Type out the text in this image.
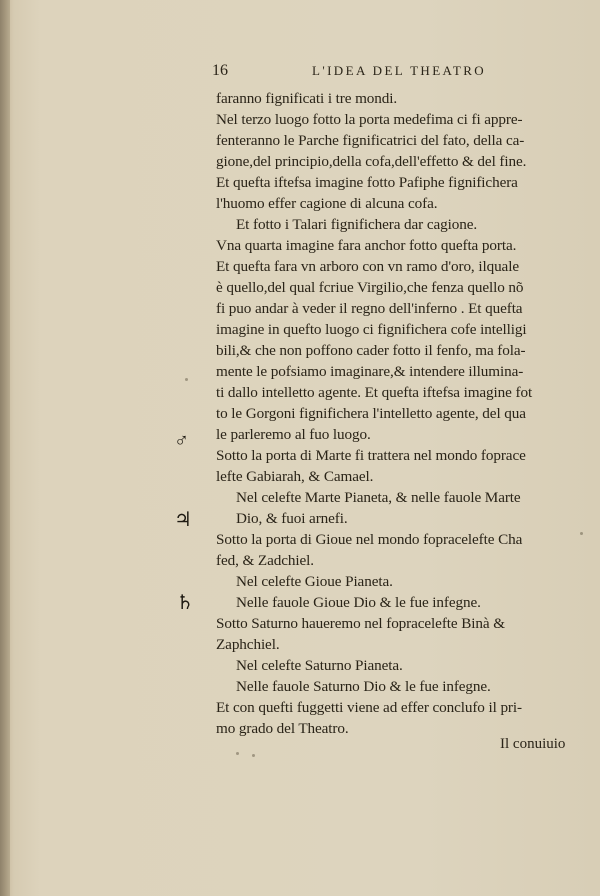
16	L'IDEA DEL THEATRO
faranno fignificati i tre mondi.
Nel terzo luogo fotto la porta medefima ci fi appre-
fenteranno le Parche fignificatrici del fato, della ca-
gione,del principio,della cofa,dell'effetto & del fine.
Et quefta iftefsa imagine fotto Pafiphe fignifichera
l'huomo effer cagione di alcuna cofa.
Et fotto i Talari fignifichera dar cagione.
Vna quarta imagine fara anchor fotto quefta porta.
Et quefta fara vn arboro con vn ramo d'oro, ilquale
è quello,del qual fcriue Virgilio,che fenza quello nõ
fi puo andar à veder il regno dell'inferno . Et quefta
imagine in quefto luogo ci fignifichera cofe intelligi
bili,& che non poffono cader fotto il fenfo, ma fola-
mente le pofsiamo imaginare,& intendere illumina-
ti dallo intelletto agente. Et quefta iftefsa imagine fot
to le Gorgoni fignifichera l'intelletto agente, del qua
le parleremo al fuo luogo.
Sotto la porta di Marte fi trattera nel mondo foprace
lefte Gabiarah, & Camael.
Nel celefte Marte Pianeta, & nelle fauole Marte
Dio, & fuoi arnefi.
Sotto la porta di Gioue nel mondo fopracelefte Cha
fed, & Zadchiel.
Nel celefte Gioue Pianeta.
Nelle fauole Gioue Dio & le fue infegne.
Sotto Saturno haueremo nel fopracelefte Binà &
Zaphchiel.
Nel celefte Saturno Pianeta.
Nelle fauole Saturno Dio & le fue infegne.
Et con quefti fuggetti viene ad effer conclufo il pri-
mo grado del Theatro.
♂
♃
♄
Il conuiuio
